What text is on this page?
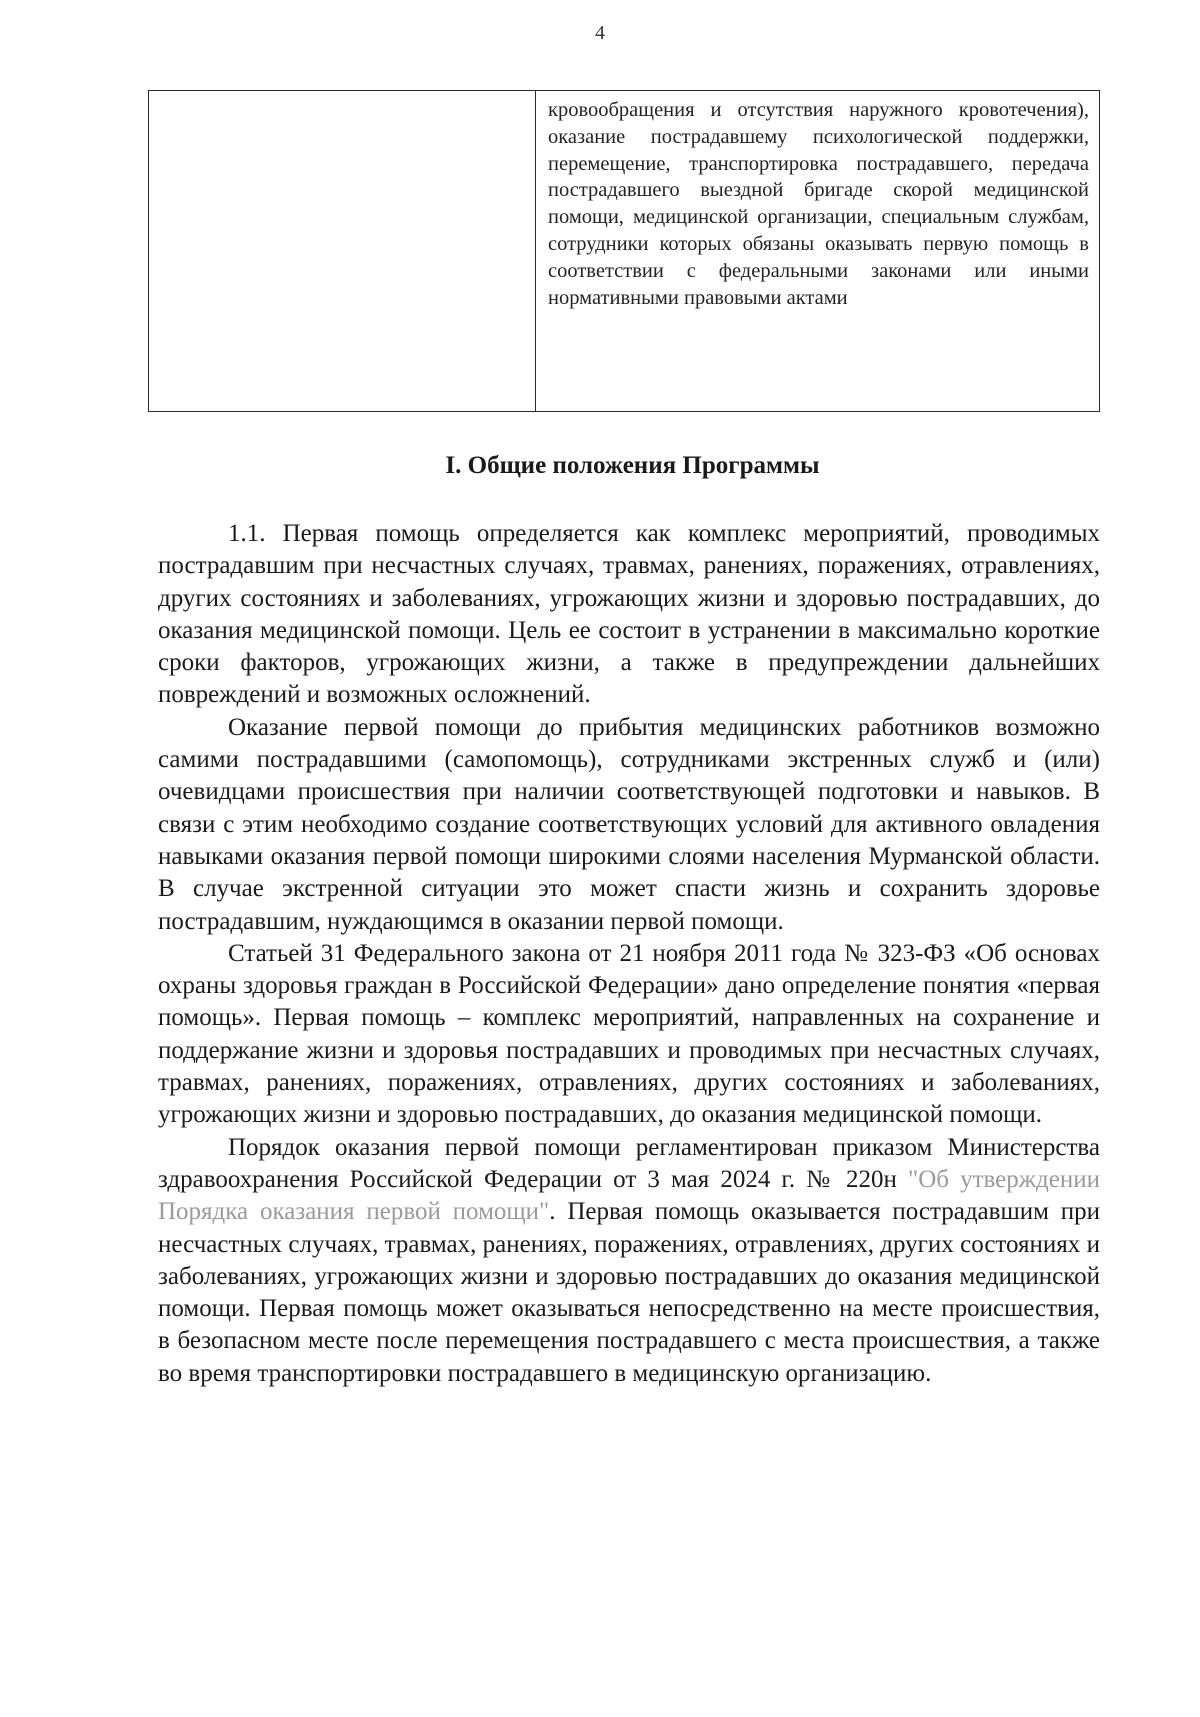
4
	кровообращения и отсутствия наружного кровотечения), оказание пострадавшему психологической поддержки, перемещение, транспортировка пострадавшего, передача пострадавшего выездной бригаде скорой медицинской помощи, медицинской организации, специальным службам, сотрудники которых обязаны оказывать первую помощь в соответствии с федеральными законами или иными нормативными правовыми актами
I. Общие положения Программы

1.1. Первая помощь определяется как комплекс мероприятий, проводимых пострадавшим при несчастных случаях, травмах, ранениях, поражениях, отравлениях, других состояниях и заболеваниях, угрожающих жизни и здоровью пострадавших, до оказания медицинской помощи. Цель ее состоит в устранении в максимально короткие сроки факторов, угрожающих жизни, а также в предупреждении дальнейших повреждений и возможных осложнений.

Оказание первой помощи до прибытия медицинских работников возможно самими пострадавшими (самопомощь), сотрудниками экстренных служб и (или) очевидцами происшествия при наличии соответствующей подготовки и навыков. В связи с этим необходимо создание соответствующих условий для активного овладения навыками оказания первой помощи широкими слоями населения Мурманской области. В случае экстренной ситуации это может спасти жизнь и сохранить здоровье пострадавшим, нуждающимся в оказании первой помощи.

Статьей 31 Федерального закона от 21 ноября 2011 года № 323-ФЗ «Об основах охраны здоровья граждан в Российской Федерации» дано определение понятия «первая помощь». Первая помощь – комплекс мероприятий, направленных на сохранение и поддержание жизни и здоровья пострадавших и проводимых при несчастных случаях, травмах, ранениях, поражениях, отравлениях, других состояниях и заболеваниях, угрожающих жизни и здоровью пострадавших, до оказания медицинской помощи.

Порядок оказания первой помощи регламентирован приказом Министерства здравоохранения Российской Федерации от 3 мая 2024 г. № 220н "Об утверждении Порядка оказания первой помощи". Первая помощь оказывается пострадавшим при несчастных случаях, травмах, ранениях, поражениях, отравлениях, других состояниях и заболеваниях, угрожающих жизни и здоровью пострадавших до оказания медицинской помощи. Первая помощь может оказываться непосредственно на месте происшествия, в безопасном месте после перемещения пострадавшего с места происшествия, а также во время транспортировки пострадавшего в медицинскую организацию.
